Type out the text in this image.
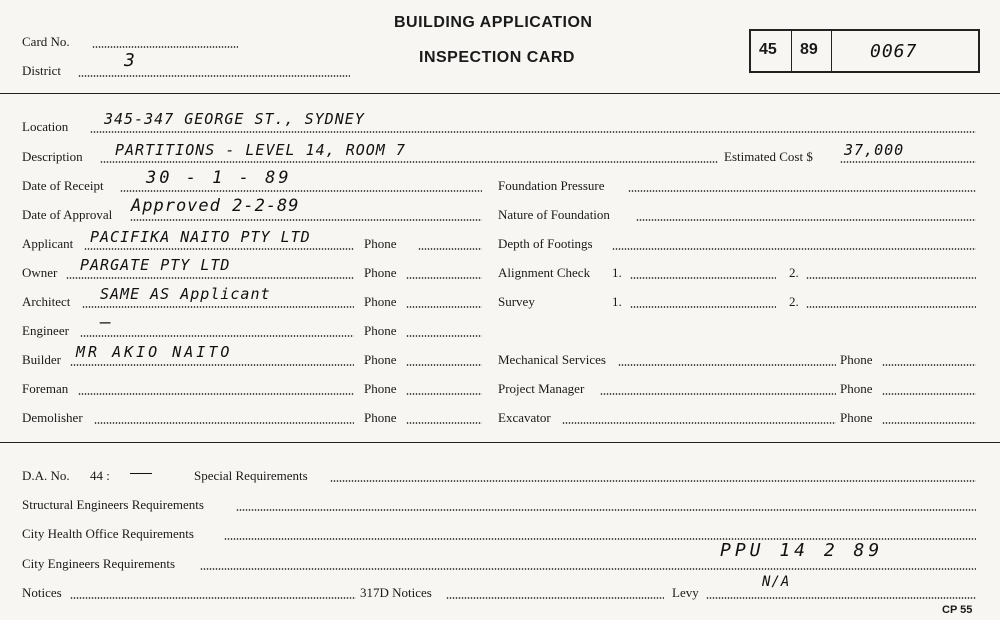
Card No.
District	3
BUILDING APPLICATION
INSPECTION CARD	45 89	0067
Location 345-347 GEORGE ST., SYDNEY
Description PARTITIONS - LEVEL 14, ROOM 7	Estimated Cost $ 37,000
Date of Receipt 30 - 1 - 89	Foundation Pressure
Date of Approval Approved 2-2-89	Nature of Foundation
Applicant PACIFIKA NAITO PTY LTD	Phone	Depth of Footings
Owner PARGATE PTY LTD	Phone	Alignment Check 1.	2.
Architect SAME AS Applicant	Phone	Survey	1.	2.
Engineer —	Phone
Builder MR AKIO NAITO	Phone	Mechanical Services	Phone
Foreman	Phone	Project Manager	Phone
Demolisher	Phone	Excavator	Phone
D.A. No. 44 :	Special Requirements
Structural Engineers Requirements
City Health Office Requirements
City Engineers Requirements
PPU 14 2 89
Notices	317D Notices	Levy
N/A
CP 55
